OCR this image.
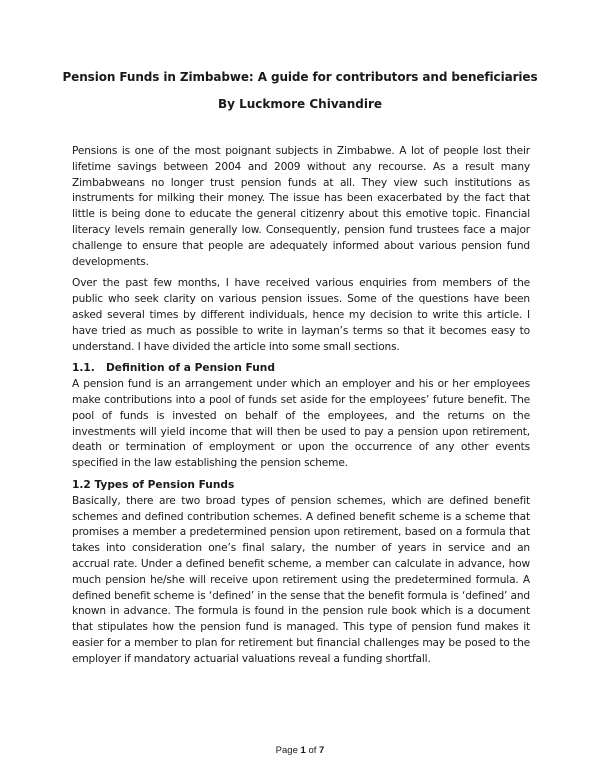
Pension Funds in Zimbabwe: A guide for contributors and beneficiaries
By Luckmore Chivandire

Pensions is one of the most poignant subjects in Zimbabwe. A lot of people lost their lifetime savings between 2004 and 2009 without any recourse. As a result many Zimbabweans no longer trust pension funds at all. They view such institutions as instruments for milking their money. The issue has been exacerbated by the fact that little is being done to educate the general citizenry about this emotive topic. Financial literacy levels remain generally low. Consequently, pension fund trustees face a major challenge to ensure that people are adequately informed about various pension fund developments.

Over the past few months, I have received various enquiries from members of the public who seek clarity on various pension issues. Some of the questions have been asked several times by different individuals, hence my decision to write this article. I have tried as much as possible to write in layman’s terms so that it becomes easy to understand. I have divided the article into some small sections.

1.1. Definition of a Pension Fund

A pension fund is an arrangement under which an employer and his or her employees make contributions into a pool of funds set aside for the employees’ future benefit. The pool of funds is invested on behalf of the employees, and the returns on the investments will yield income that will then be used to pay a pension upon retirement, death or termination of employment or upon the occurrence of any other events specified in the law establishing the pension scheme.

1.2 Types of Pension Funds

Basically, there are two broad types of pension schemes, which are defined benefit schemes and defined contribution schemes. A defined benefit scheme is a scheme that promises a member a predetermined pension upon retirement, based on a formula that takes into consideration one’s final salary, the number of years in service and an accrual rate. Under a defined benefit scheme, a member can calculate in advance, how much pension he/she will receive upon retirement using the predetermined formula. A defined benefit scheme is ‘defined’ in the sense that the benefit formula is ‘defined’ and known in advance. The formula is found in the pension rule book which is a document that stipulates how the pension fund is managed. This type of pension fund makes it easier for a member to plan for retirement but financial challenges may be posed to the employer if mandatory actuarial valuations reveal a funding shortfall.

Page 1 of 7
